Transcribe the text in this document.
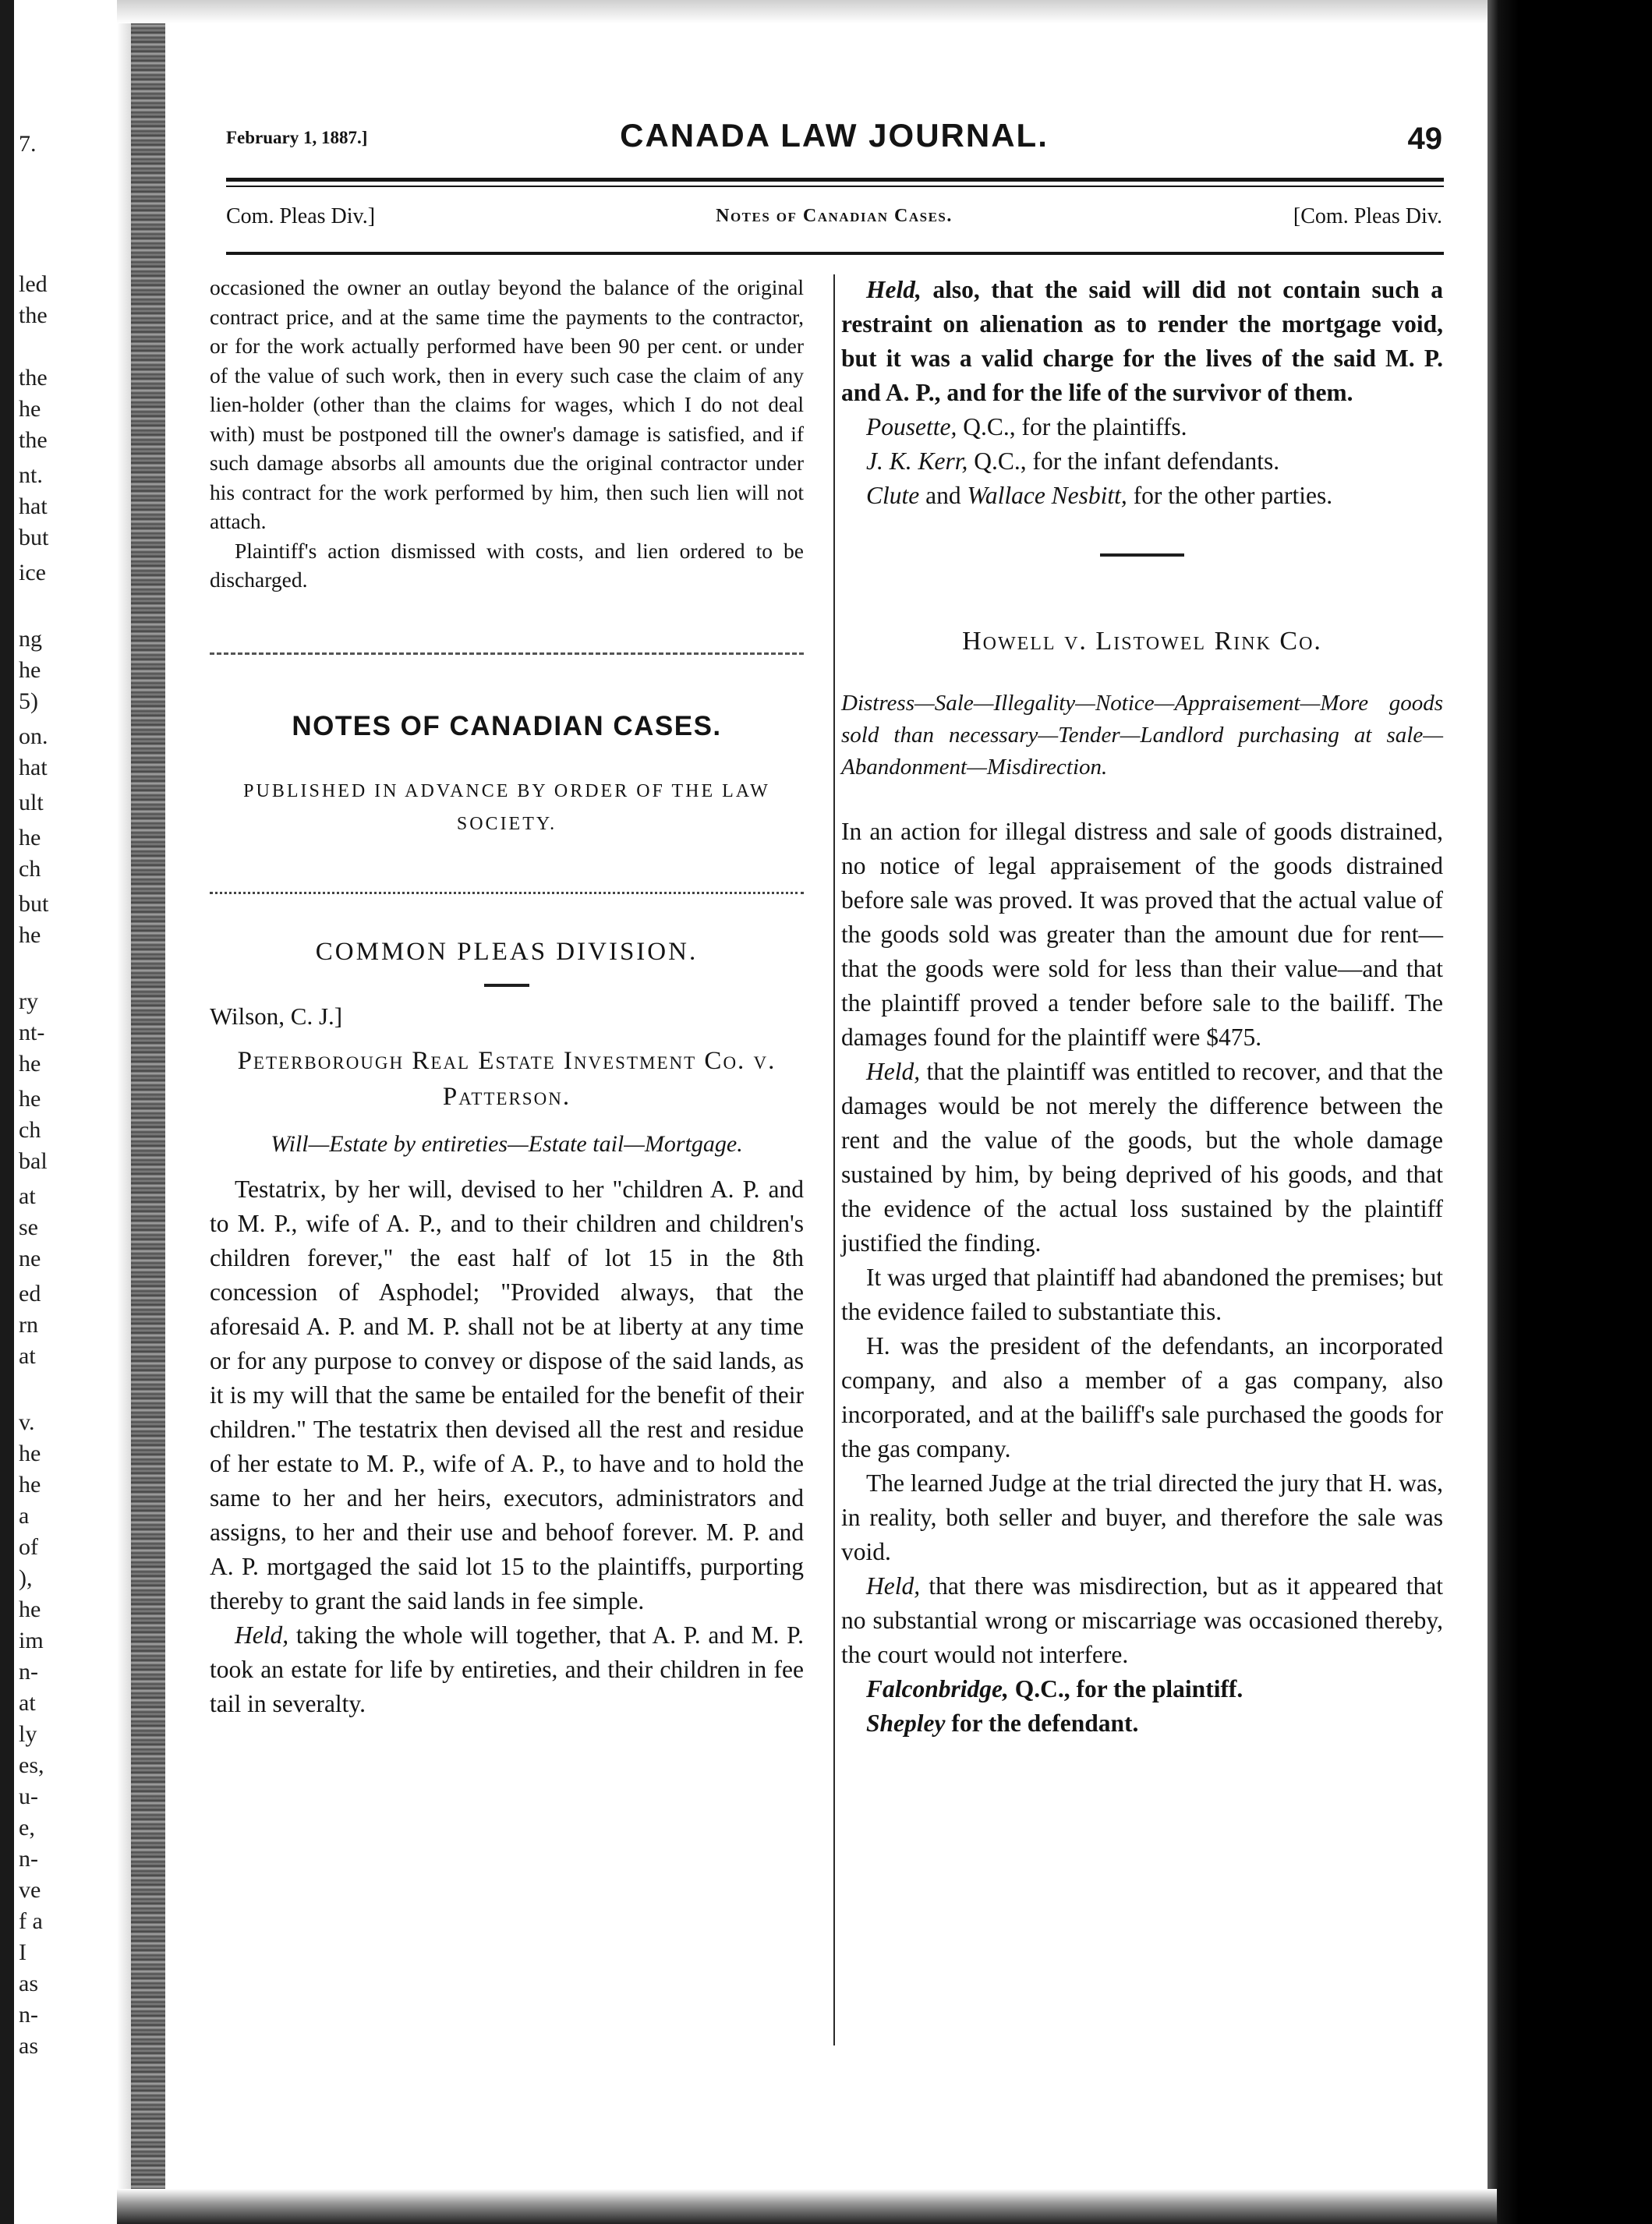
7.
led
the
the
he
the
nt.
hat
but
ice
ng
he
5)
on.
hat
ult
he
ch
but
he
ry
nt-
he
he
ch
bal
at
se
ne
ed
rn
at
v.
he
he
a
of
),
he
im
n-
at
ly
es,
u-
e,
n-
ve
f a
I
as
n-
as
February 1, 1887.]	CANADA LAW JOURNAL.	49
Com. Pleas Div.]	Notes of Canadian Cases.	[Com. Pleas Div.

occasioned the owner an outlay beyond the balance of the original contract price, and at the same time the payments to the contractor, or for the work actually performed have been 90 per cent. or under of the value of such work, then in every such case the claim of any lien-holder (other than the claims for wages, which I do not deal with) must be postponed till the owner's damage is satisfied, and if such damage absorbs all amounts due the original contractor under his contract for the work performed by him, then such lien will not attach.

Plaintiff's action dismissed with costs, and lien ordered to be discharged.

NOTES OF CANADIAN CASES.
PUBLISHED IN ADVANCE BY ORDER OF THE LAW SOCIETY.
COMMON PLEAS DIVISION.
Wilson, C. J.]
Peterborough Real Estate Investment Co. v. Patterson.
Will—Estate by entireties—Estate tail—Mortgage.

Testatrix, by her will, devised to her "children A. P. and to M. P., wife of A. P., and to their children and children's children forever," the east half of lot 15 in the 8th concession of Asphodel; "Provided always, that the aforesaid A. P. and M. P. shall not be at liberty at any time or for any purpose to convey or dispose of the said lands, as it is my will that the same be entailed for the benefit of their children." The testatrix then devised all the rest and residue of her estate to M. P., wife of A. P., to have and to hold the same to her and her heirs, executors, administrators and assigns, to her and their use and behoof forever. M. P. and A. P. mortgaged the said lot 15 to the plaintiffs, purporting thereby to grant the said lands in fee simple.

Held, taking the whole will together, that A. P. and M. P. took an estate for life by entireties, and their children in fee tail in severalty.

Held, also, that the said will did not contain such a restraint on alienation as to render the mortgage void, but it was a valid charge for the lives of the said M. P. and A. P., and for the life of the survivor of them.

Pousette, Q.C., for the plaintiffs.

J. K. Kerr, Q.C., for the infant defendants.

Clute and Wallace Nesbitt, for the other parties.

Howell v. Listowel Rink Co.
Distress—Sale—Illegality—Notice—Appraisement—More goods sold than necessary—Tender—Landlord purchasing at sale—Abandonment—Misdirection.

In an action for illegal distress and sale of goods distrained, no notice of legal appraisement of the goods distrained before sale was proved. It was proved that the actual value of the goods sold was greater than the amount due for rent—that the goods were sold for less than their value—and that the plaintiff proved a tender before sale to the bailiff. The damages found for the plaintiff were $475.

Held, that the plaintiff was entitled to recover, and that the damages would be not merely the difference between the rent and the value of the goods, but the whole damage sustained by him, by being deprived of his goods, and that the evidence of the actual loss sustained by the plaintiff justified the finding.

It was urged that plaintiff had abandoned the premises; but the evidence failed to substantiate this.

H. was the president of the defendants, an incorporated company, and also a member of a gas company, also incorporated, and at the bailiff's sale purchased the goods for the gas company.

The learned Judge at the trial directed the jury that H. was, in reality, both seller and buyer, and therefore the sale was void.

Held, that there was misdirection, but as it appeared that no substantial wrong or miscarriage was occasioned thereby, the court would not interfere.

Falconbridge, Q.C., for the plaintiff.

Shepley for the defendant.
